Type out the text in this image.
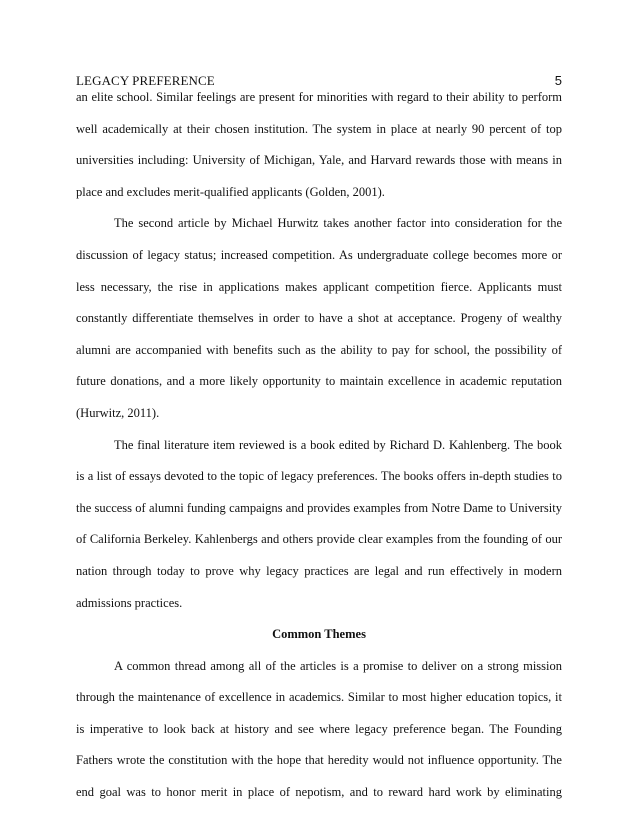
LEGACY PREFERENCE	5
an elite school. Similar feelings are present for minorities with regard to their ability to perform
well academically at their chosen institution. The system in place at nearly 90 percent of top
universities including: University of Michigan, Yale, and Harvard rewards those with means in
place and excludes merit-qualified applicants (Golden, 2001).
The second article by Michael Hurwitz takes another factor into consideration for the
discussion of legacy status; increased competition. As undergraduate college becomes more or
less necessary, the rise in applications makes applicant competition fierce. Applicants must
constantly differentiate themselves in order to have a shot at acceptance. Progeny of wealthy
alumni are accompanied with benefits such as the ability to pay for school, the possibility of
future donations, and a more likely opportunity to maintain excellence in academic reputation
(Hurwitz, 2011).
The final literature item reviewed is a book edited by Richard D. Kahlenberg. The book
is a list of essays devoted to the topic of legacy preferences. The books offers in-depth studies to
the success of alumni funding campaigns and provides examples from Notre Dame to University
of California Berkeley. Kahlenbergs and others provide clear examples from the founding of our
nation through today to prove why legacy practices are legal and run effectively in modern
admissions practices.
Common Themes
A common thread among all of the articles is a promise to deliver on a strong mission
through the maintenance of excellence in academics. Similar to most higher education topics, it
is imperative to look back at history and see where legacy preference began. The Founding
Fathers wrote the constitution with the hope that heredity would not influence opportunity. The
end goal was to honor merit in place of nepotism, and to reward hard work by eliminating
